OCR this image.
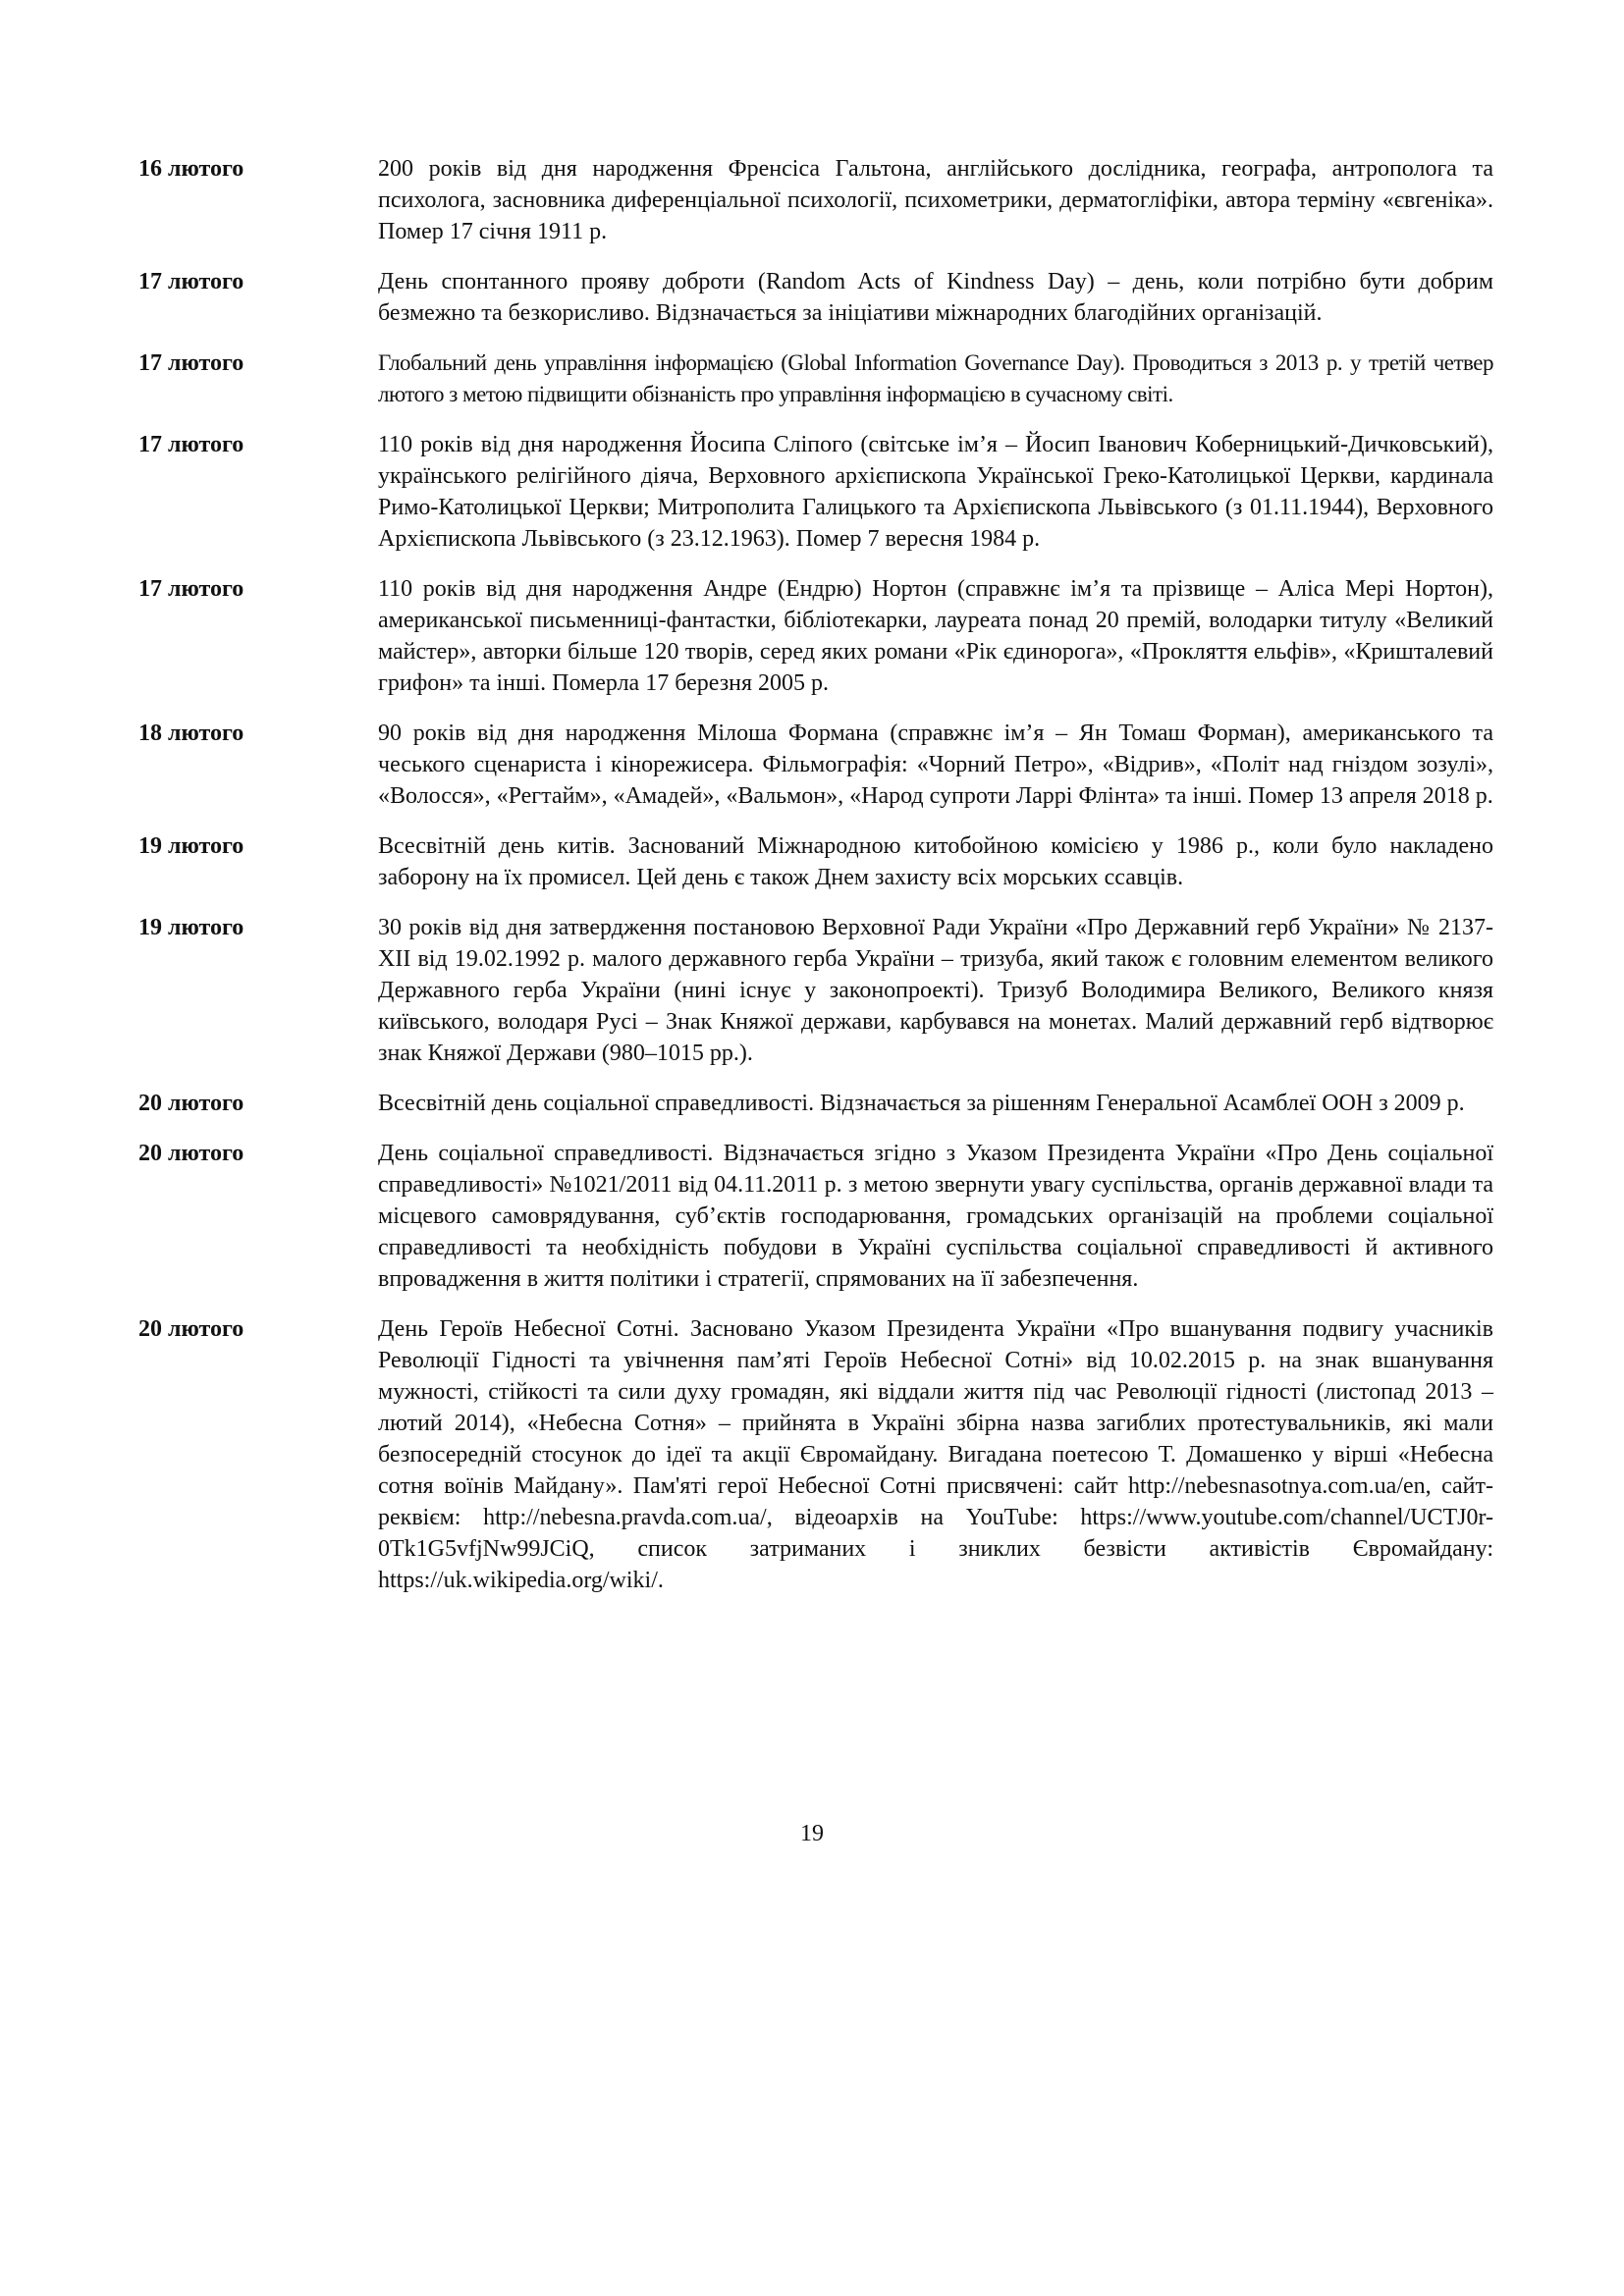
16 лютого	200 років від дня народження Френсіса Гальтона, англійського дослідника, географа, антрополога та психолога, засновника диференціальної психології, психометрики, дерматогліфіки, автора терміну «євгеніка». Помер 17 січня 1911 р.
17 лютого	День спонтанного прояву доброти (Random Acts of Kindness Day) – день, коли потрібно бути добрим безмежно та безкорисливо. Відзначається за ініціативи міжнародних благодійних організацій.
17 лютого	Глобальний день управління інформацією (Global Information Governance Day). Проводиться з 2013 р. у третій четвер лютого з метою підвищити обізнаність про управління інформацією в сучасному світі.
17 лютого	110 років від дня народження Йосипа Сліпого (світське ім’я – Йосип Іванович Коберницький-Дичковський), українського релігійного діяча, Верховного архієпископа Української Греко-Католицької Церкви, кардинала Римо-Католицької Церкви; Митрополита Галицького та Архієпископа Львівського (з 01.11.1944), Верховного Архієпископа Львівського (з 23.12.1963). Помер 7 вересня 1984 р.
17 лютого	110 років від дня народження Андре (Ендрю) Нортон (справжнє ім’я та прізвище – Аліса Мері Нортон), американської письменниці-фантастки, бібліотекарки, лауреата понад 20 премій, володарки титулу «Великий майстер», авторки більше 120 творів, серед яких романи «Рік єдинорога», «Прокляття ельфів», «Кришталевий грифон» та інші. Померла 17 березня 2005 р.
18 лютого	90 років від дня народження Мілоша Формана (справжнє ім’я – Ян Томаш Форман), американського та чеського сценариста і кінорежисера. Фільмографія: «Чорний Петро», «Відрив», «Політ над гніздом зозулі», «Волосся», «Регтайм», «Амадей», «Вальмон», «Народ супроти Ларрі Флінта» та інші. Помер 13 апреля 2018 р.
19 лютого	Всесвітній день китів. Заснований Міжнародною китобойною комісією у 1986 р., коли було накладено заборону на їх промисел. Цей день є також Днем захисту всіх морських ссавців.
19 лютого	30 років від дня затвердження постановою Верховної Ради України «Про Державний герб України» № 2137-XII від 19.02.1992 р. малого державного герба України – тризуба, який також є головним елементом великого Державного герба України (нині існує у законопроекті). Тризуб Володимира Великого, Великого князя київського, володаря Русі – Знак Княжої держави, карбувався на монетах. Малий державний герб відтворює знак Княжої Держави (980–1015 рр.).
20 лютого	Всесвітній день соціальної справедливості. Відзначається за рішенням Генеральної Асамблеї ООН з 2009 р.
20 лютого	День соціальної справедливості. Відзначається згідно з Указом Президента України «Про День соціальної справедливості» №1021/2011 від 04.11.2011 р. з метою звернути увагу суспільства, органів державної влади та місцевого самоврядування, суб’єктів господарювання, громадських організацій на проблеми соціальної справедливості та необхідність побудови в Україні суспільства соціальної справедливості й активного впровадження в життя політики і стратегії, спрямованих на її забезпечення.
20 лютого	День Героїв Небесної Сотні. Засновано Указом Президента України «Про вшанування подвигу учасників Революції Гідності та увічнення пам’яті Героїв Небесної Сотні» від 10.02.2015 р. на знак вшанування мужності, стійкості та сили духу громадян, які віддали життя під час Революції гідності (листопад 2013 – лютий 2014), «Небесна Сотня» – прийнята в Україні збірна назва загиблих протестувальників, які мали безпосередній стосунок до ідеї та акції Євромайдану. Вигадана поетесою Т. Домашенко у вірші «Небесна сотня воїнів Майдану». Пам'яті герої Небесної Сотні присвячені: сайт http://nebesnasotnya.com.ua/en, сайт-реквієм: http://nebesna.pravda.com.ua/, відеоархів на YouTube: https://www.youtube.com/channel/UCTJ0r-0Tk1G5vfjNw99JCiQ, список затриманих і зниклих безвісти активістів Євромайдану: https://uk.wikipedia.org/wiki/.
19
